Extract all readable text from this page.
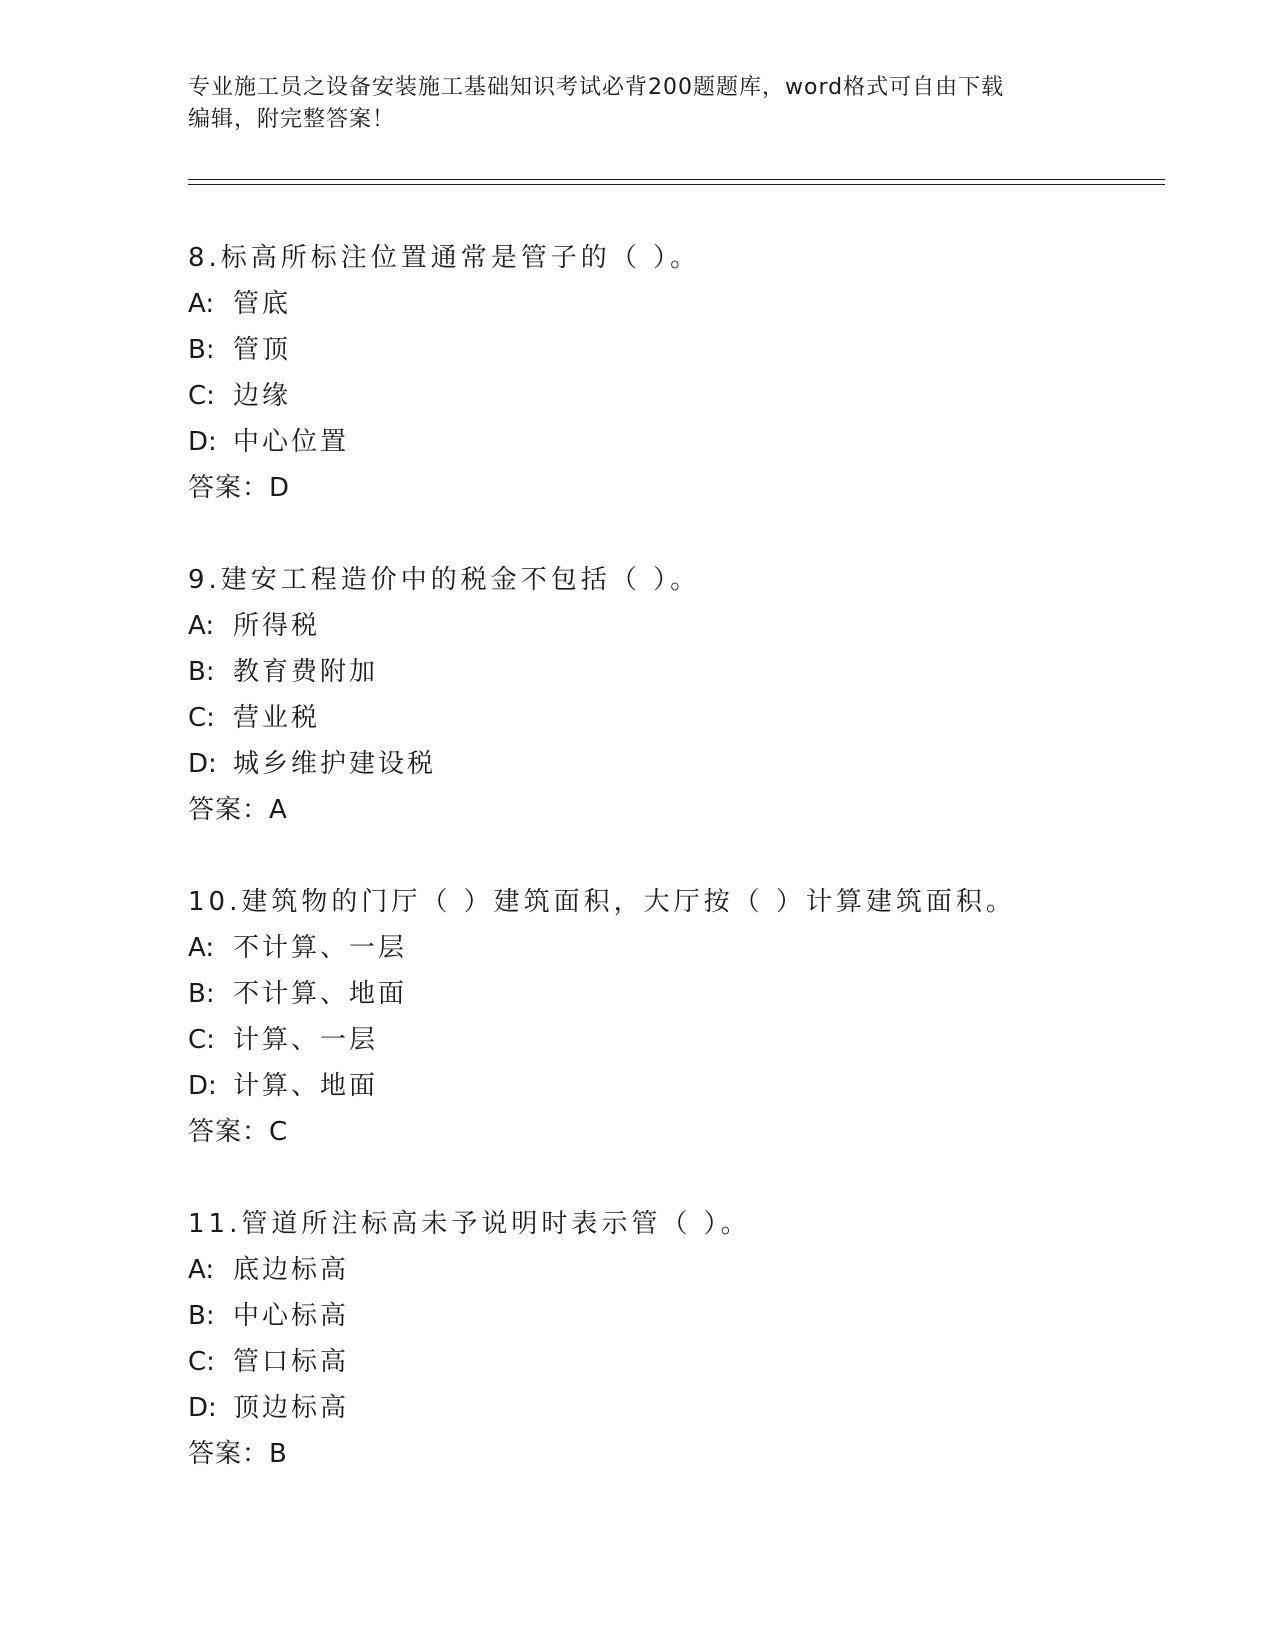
专业施工员之设备安装施工基础知识考试必背200题题库，word格式可自由下载
编辑，附完整答案！
8.标高所标注位置通常是管子的（ ）。
A: 管底
B: 管顶
C: 边缘
D: 中心位置
答案：D
9.建安工程造价中的税金不包括（ ）。
A: 所得税
B: 教育费附加
C: 营业税
D: 城乡维护建设税
答案：A
10.建筑物的门厅（ ）建筑面积，大厅按（ ）计算建筑面积。
A: 不计算、一层
B: 不计算、地面
C: 计算、一层
D: 计算、地面
答案：C
11.管道所注标高未予说明时表示管（ ）。
A: 底边标高
B: 中心标高
C: 管口标高
D: 顶边标高
答案：B
